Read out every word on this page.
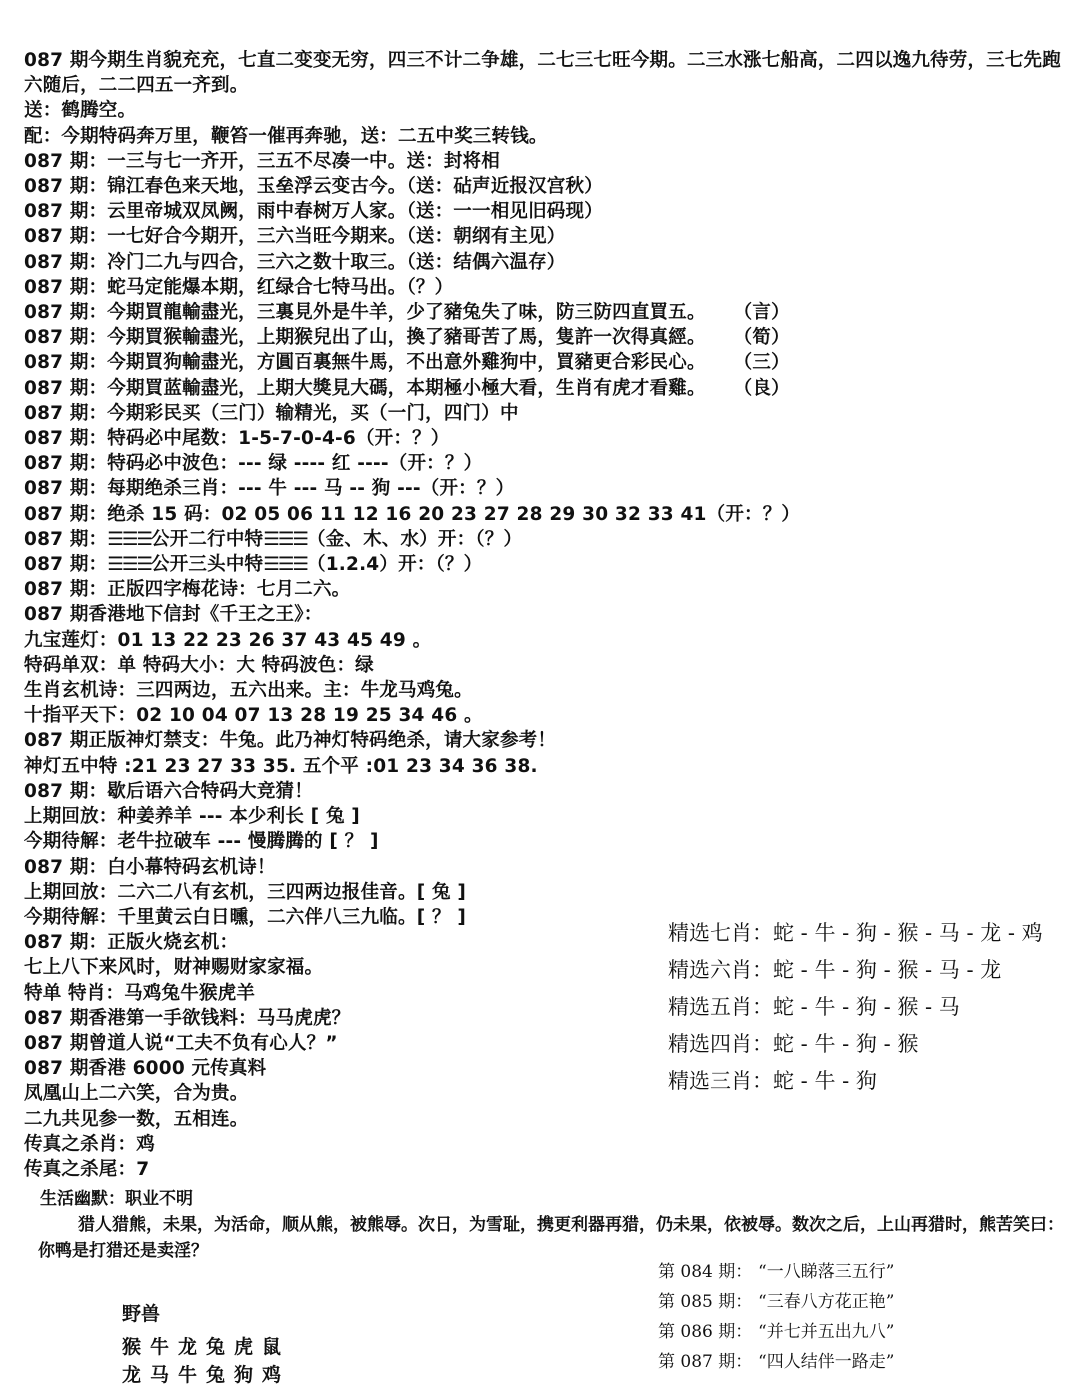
087 期今期生肖貌充充，七直二变变无穷，四三不计二争雄，二七三七旺今期。二三水涨七船高，二四以逸九待劳，三七先跑六随后，二二四五一齐到。
送：鹤腾空。
配：今期特码奔万里，鞭笞一催再奔驰，送：二五中奖三转钱。
087 期：一三与七一齐开，三五不尽凑一中。送：封将相
087 期：锦江春色来天地，玉垒浮云变古今。（送：砧声近报汉宫秋）
087 期：云里帝城双凤阙，雨中春树万人家。（送：一一相见旧码现）
087 期：一七好合今期开，三六当旺今期来。（送：朝纲有主见）
087 期：冷门二九与四合，三六之数十取三。（送：结偶六温存）
087 期：蛇马定能爆本期，红绿合七特马出。（？）
087 期：今期買龍輸盡光，三裏見外是牛羊，少了豬兔失了味，防三防四直買五。 （言）
087 期：今期買猴輸盡光，上期猴兒出了山，換了豬哥苦了馬，隻許一次得真經。 （筍）
087 期：今期買狗輸盡光，方圓百裏無牛馬，不出意外雞狗中，買豬更合彩民心。 （三）
087 期：今期買蓝輸盡光，上期大獎見大碼，本期極小極大看，生肖有虎才看雞。 （良）
087 期：今期彩民买（三门）输精光，买（一门，四门）中
087 期：特码必中尾数：1-5-7-0-4-6（开：？）
087 期：特码必中波色：--- 绿 ---- 红 ----（开：？）
087 期：每期绝杀三肖：--- 牛 --- 马 -- 狗 ---（开：？）
087 期：绝杀 15 码：02 05 06 11 12 16 20 23 27 28 29 30 32 33 41（开：？）
087 期：☰☰☰公开二行中特☰☰☰（金、木、水）开：（？）
087 期：☰☰☰公开三头中特☰☰☰（1.2.4）开：（？）
087 期：正版四字梅花诗：七月二六。
087 期香港地下信封《千王之王》：
九宝莲灯：01 13 22 23 26 37 43 45 49 。
特码单双：单 特码大小：大 特码波色：绿
生肖玄机诗：三四两边，五六出来。主：牛龙马鸡兔。
十指平天下：02 10 04 07 13 28 19 25 34 46 。
087 期正版神灯禁支：牛兔。此乃神灯特码绝杀，请大家参考！
神灯五中特 :21 23 27 33 35. 五个平 :01 23 34 36 38.
087 期：歇后语六合特码大竞猜！
上期回放：种姜养羊 --- 本少利长 [ 兔 ]
今期待解：老牛拉破车 --- 慢腾腾的 [ ？ ]
087 期：白小幕特码玄机诗！
上期回放：二六二八有玄机，三四两边报佳音。[ 兔 ]
今期待解：千里黄云白日曛，二六伴八三九临。[ ？ ]
087 期：正版火烧玄机：
七上八下来风时，财神赐财家家福。
特单 特肖：马鸡兔牛猴虎羊
087 期香港第一手欲钱料：马马虎虎？
087 期曾道人说“工夫不负有心人？”
087 期香港 6000 元传真料
凤凰山上二六笑，合为贵。
二九共见参一数，五相连。
传真之杀肖：鸡
传真之杀尾：7
精选七肖：蛇 - 牛 - 狗 - 猴 - 马 - 龙 - 鸡
精选六肖：蛇 - 牛 - 狗 - 猴 - 马 - 龙
精选五肖：蛇 - 牛 - 狗 - 猴 - 马
精选四肖：蛇 - 牛 - 狗 - 猴
精选三肖：蛇 - 牛 - 狗
生活幽默：职业不明
猎人猎熊，未果，为活命，顺从熊，被熊辱。次日，为雪耻，携更利器再猎，仍未果，依被辱。数次之后，上山再猎时，熊苦笑曰：你鸭是打猎还是卖淫？
第 084 期： “一八睇落三五行”
第 085 期： “三春八方花正艳”
第 086 期： “并七并五出九八”
第 087 期： “四人结伴一路走”
野兽
猴牛龙兔虎鼠
龙马牛兔狗鸡
